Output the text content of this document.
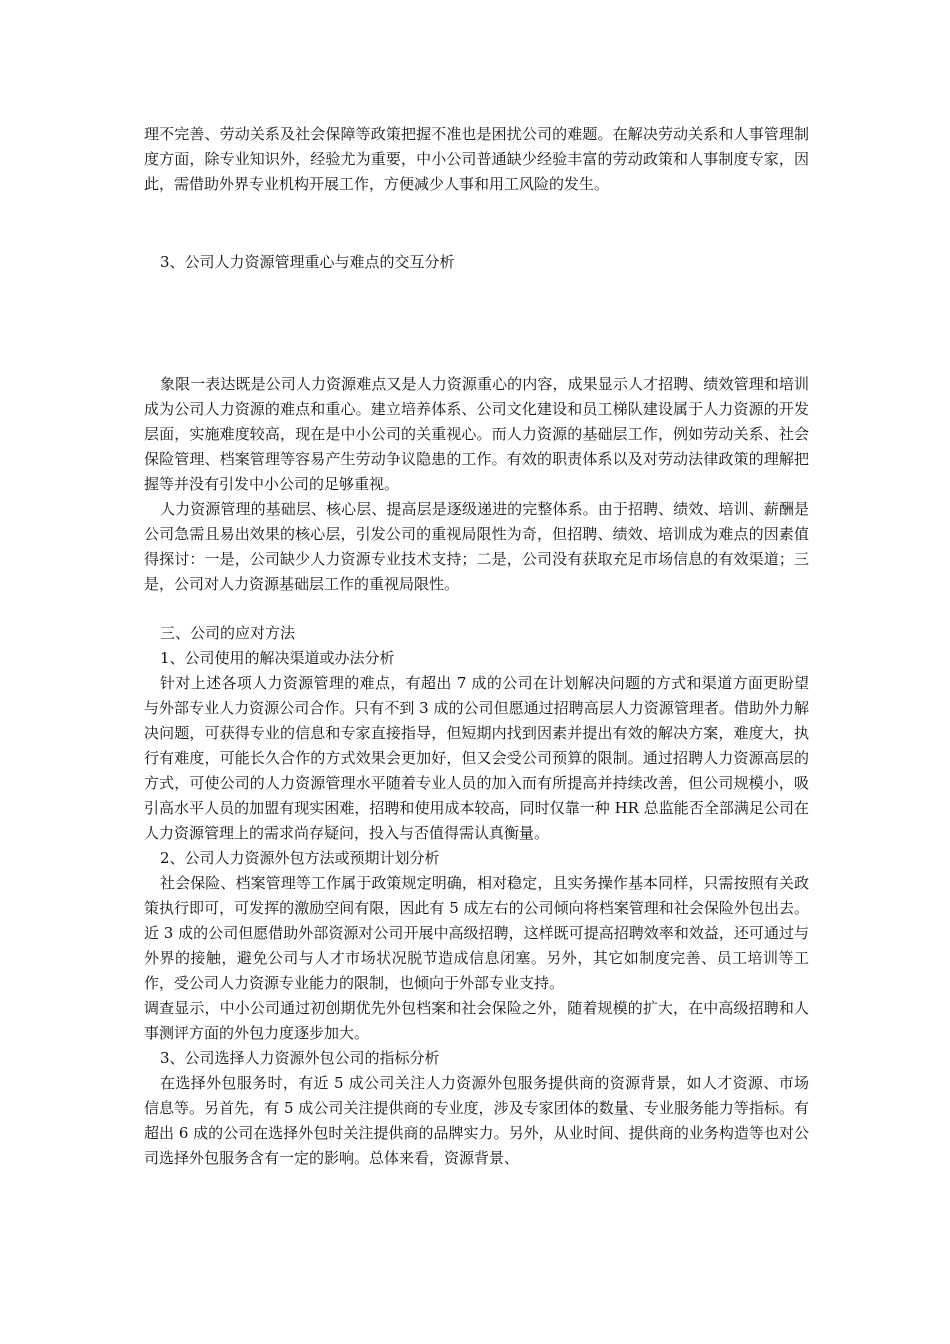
理不完善、劳动关系及社会保障等政策把握不准也是困扰公司的难题。在解决劳动关系和人事管理制度方面，除专业知识外，经验尤为重要，中小公司普通缺少经验丰富的劳动政策和人事制度专家，因此，需借助外界专业机构开展工作，方便减少人事和用工风险的发生。

3、公司人力资源管理重心与难点的交互分析

象限一表达既是公司人力资源难点又是人力资源重心的内容，成果显示人才招聘、绩效管理和培训成为公司人力资源的难点和重心。建立培养体系、公司文化建设和员工梯队建设属于人力资源的开发层面，实施难度较高，现在是中小公司的关重视心。而人力资源的基础层工作，例如劳动关系、社会保险管理、档案管理等容易产生劳动争议隐患的工作。有效的职责体系以及对劳动法律政策的理解把握等并没有引发中小公司的足够重视。

人力资源管理的基础层、核心层、提高层是逐级递进的完整体系。由于招聘、绩效、培训、薪酬是公司急需且易出效果的核心层，引发公司的重视局限性为奇，但招聘、绩效、培训成为难点的因素值得探讨：一是，公司缺少人力资源专业技术支持；二是，公司没有获取充足市场信息的有效渠道；三是，公司对人力资源基础层工作的重视局限性。

三、公司的应对方法

1、公司使用的解决渠道或办法分析

针对上述各项人力资源管理的难点，有超出 7 成的公司在计划解决问题的方式和渠道方面更盼望与外部专业人力资源公司合作。只有不到 3 成的公司但愿通过招聘高层人力资源管理者。借助外力解决问题，可获得专业的信息和专家直接指导，但短期内找到因素并提出有效的解决方案，难度大，执行有难度，可能长久合作的方式效果会更加好，但又会受公司预算的限制。通过招聘人力资源高层的方式，可使公司的人力资源管理水平随着专业人员的加入而有所提高并持续改善，但公司规模小，吸引高水平人员的加盟有现实困难，招聘和使用成本较高，同时仅靠一种 HR 总监能否全部满足公司在人力资源管理上的需求尚存疑问，投入与否值得需认真衡量。

2、公司人力资源外包方法或预期计划分析

社会保险、档案管理等工作属于政策规定明确，相对稳定，且实务操作基本同样，只需按照有关政策执行即可，可发挥的激励空间有限，因此有 5 成左右的公司倾向将档案管理和社会保险外包出去。近 3 成的公司但愿借助外部资源对公司开展中高级招聘，这样既可提高招聘效率和效益，还可通过与外界的接触，避免公司与人才市场状况脱节造成信息闭塞。另外，其它如制度完善、员工培训等工作，受公司人力资源专业能力的限制，也倾向于外部专业支持。

调查显示，中小公司通过初创期优先外包档案和社会保险之外，随着规模的扩大，在中高级招聘和人事测评方面的外包力度逐步加大。

3、公司选择人力资源外包公司的指标分析

在选择外包服务时，有近 5 成公司关注人力资源外包服务提供商的资源背景，如人才资源、市场信息等。另首先，有 5 成公司关注提供商的专业度，涉及专家团体的数量、专业服务能力等指标。有超出 6 成的公司在选择外包时关注提供商的品牌实力。另外，从业时间、提供商的业务构造等也对公司选择外包服务含有一定的影响。总体来看，资源背景、
